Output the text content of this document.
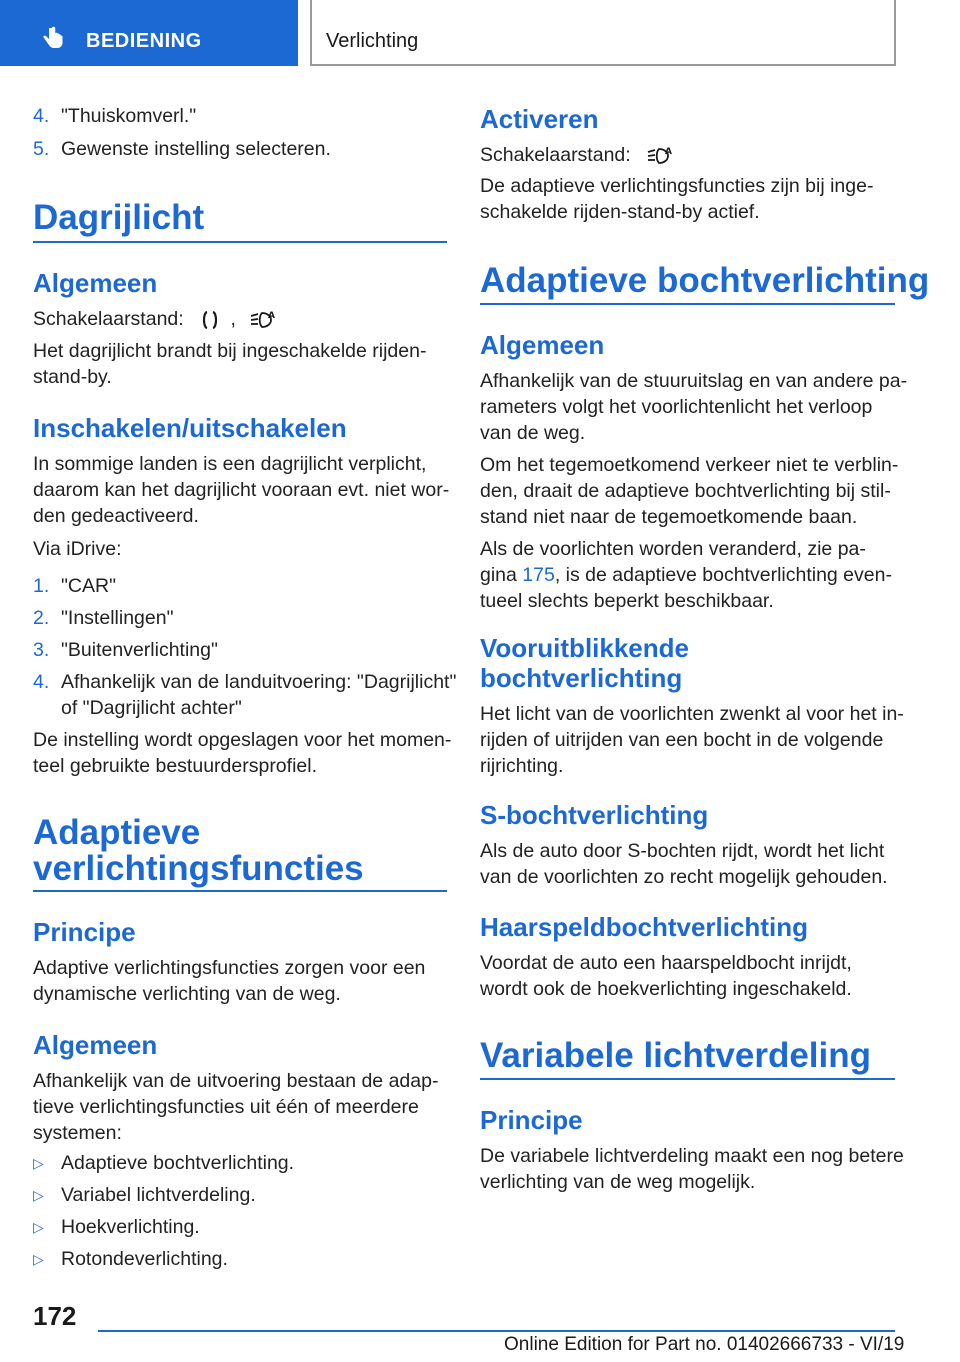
BEDIENING	Verlichting
4. "Thuiskomverl."
5. Gewenste instelling selecteren.
Dagrijlicht
Algemeen
Schakelaarstand: ,	A
Het dagrijlicht brandt bij ingeschakelde rijden-
stand-by.
Inschakelen/uitschakelen
In sommige landen is een dagrijlicht verplicht,
daarom kan het dagrijlicht vooraan evt. niet wor-
den gedeactiveerd.
Via iDrive:
1. "CAR"
2. "Instellingen"
3. "Buitenverlichting"
4. Afhankelijk van de landuitvoering: "Dagrijlicht"
of "Dagrijlicht achter"
De instelling wordt opgeslagen voor het momen-
teel gebruikte bestuurdersprofiel.
Adaptieve
verlichtingsfuncties
Principe
Adaptive verlichtingsfuncties zorgen voor een
dynamische verlichting van de weg.
Algemeen
Afhankelijk van de uitvoering bestaan de adap-
tieve verlichtingsfuncties uit één of meerdere
systemen:
▷ Adaptieve bochtverlichting.
▷ Variabel lichtverdeling.
▷ Hoekverlichting.
▷ Rotondeverlichting.
Activeren
Schakelaarstand:	A
De adaptieve verlichtingsfuncties zijn bij inge-
schakelde rijden-stand-by actief.
Adaptieve bochtverlichting
Algemeen
Afhankelijk van de stuuruitslag en van andere pa-
rameters volgt het voorlichtenlicht het verloop
van de weg.
Om het tegemoetkomend verkeer niet te verblin-
den, draait de adaptieve bochtverlichting bij stil-
stand niet naar de tegemoetkomende baan.
Als de voorlichten worden veranderd, zie pa-
gina 175, is de adaptieve bochtverlichting even-
tueel slechts beperkt beschikbaar.
Vooruitblikkende
bochtverlichting
Het licht van de voorlichten zwenkt al voor het in-
rijden of uitrijden van een bocht in de volgende
rijrichting.
S-bochtverlichting
Als de auto door S-bochten rijdt, wordt het licht
van de voorlichten zo recht mogelijk gehouden.
Haarspeldbochtverlichting
Voordat de auto een haarspeldbocht inrijdt,
wordt ook de hoekverlichting ingeschakeld.
Variabele lichtverdeling
Principe
De variabele lichtverdeling maakt een nog betere
verlichting van de weg mogelijk.
172
Online Edition for Part no. 01402666733 - VI/19
